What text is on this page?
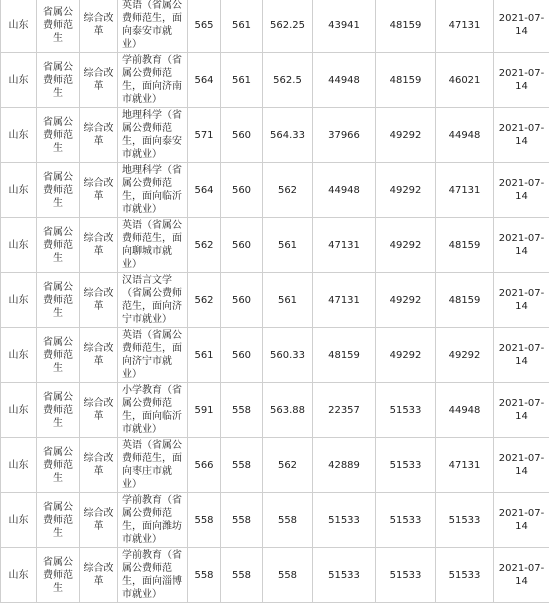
山东	省属公费师范生	综合改革	英语（省属公费师范生，面向泰安市就业）	565	561	562.25	43941	48159	47131	2021-07-14
山东	省属公费师范生	综合改革	学前教育（省属公费师范生，面向济南市就业）	564	561	562.5	44948	48159	46021	2021-07-14
山东	省属公费师范生	综合改革	地理科学（省属公费师范生，面向泰安市就业）	571	560	564.33	37966	49292	44948	2021-07-14
山东	省属公费师范生	综合改革	地理科学（省属公费师范生，面向临沂市就业）	564	560	562	44948	49292	47131	2021-07-14
山东	省属公费师范生	综合改革	英语（省属公费师范生，面向聊城市就业）	562	560	561	47131	49292	48159	2021-07-14
山东	省属公费师范生	综合改革	汉语言文学（省属公费师范生，面向济宁市就业）	562	560	561	47131	49292	48159	2021-07-14
山东	省属公费师范生	综合改革	英语（省属公费师范生，面向济宁市就业）	561	560	560.33	48159	49292	49292	2021-07-14
山东	省属公费师范生	综合改革	小学教育（省属公费师范生，面向临沂市就业）	591	558	563.88	22357	51533	44948	2021-07-14
山东	省属公费师范生	综合改革	英语（省属公费师范生，面向枣庄市就业）	566	558	562	42889	51533	47131	2021-07-14
山东	省属公费师范生	综合改革	学前教育（省属公费师范生，面向潍坊市就业）	558	558	558	51533	51533	51533	2021-07-14
山东	省属公费师范生	综合改革	学前教育（省属公费师范生，面向淄博市就业）	558	558	558	51533	51533	51533	2021-07-14
